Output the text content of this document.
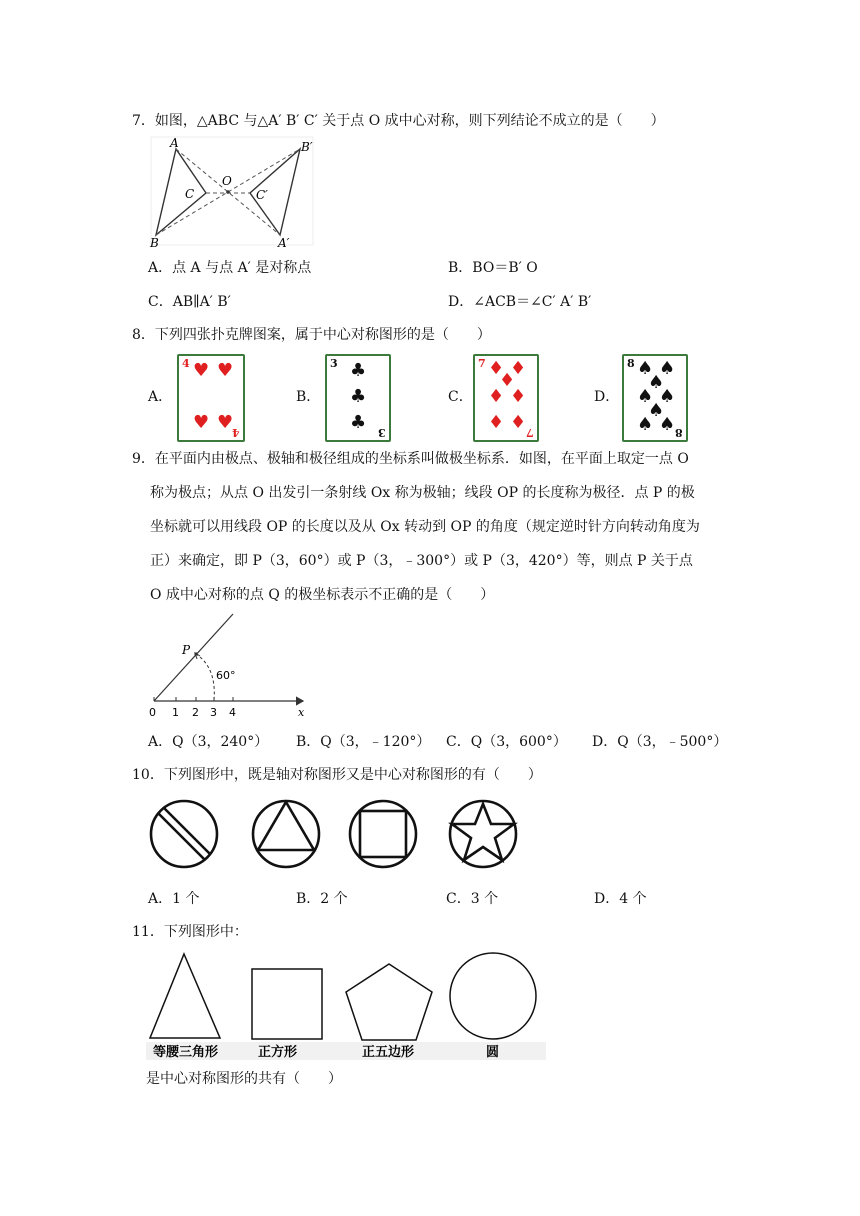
7．如图，△ABC 与△A′ B′ C′ 关于点 O 成中心对称，则下列结论不成立的是（　　）
A
B
C
O
C′
B′
A′
A．点 A 与点 A′ 是对称点	B．BO＝B′ O
C．AB∥A′ B′	D．∠ACB＝∠C′ A′ B′
8．下列四张扑克牌图案，属于中心对称图形的是（　　）
A．
4 ♥ ♥
♥ ♥ 4
B．
3 ♣
♣
♣ 3
C．
7 ♦ ♦
♦
♦ ♦
♦ ♦ 7
D．
8 ♠ ♠
♠
♠ ♠
♠
♠ ♠ 8
9．在平面内由极点、极轴和极径组成的坐标系叫做极坐标系．如图，在平面上取定一点 O
称为极点；从点 O 出发引一条射线 Ox 称为极轴；线段 OP 的长度称为极径．点 P 的极
坐标就可以用线段 OP 的长度以及从 Ox 转动到 OP 的角度（规定逆时针方向转动角度为
正）来确定，即 P（3，60°）或 P（3，﹣300°）或 P（3，420°）等，则点 P 关于点
O 成中心对称的点 Q 的极坐标表示不正确的是（　　）
P
60°
0 1 2 3 4	x
A．Q（3，240°） B．Q（3，﹣120°） C．Q（3，600°） D．Q（3，﹣500°）
10．下列图形中，既是轴对称图形又是中心对称图形的有（　　）
A．1 个	B．2 个	C．3 个	D．4 个
11．下列图形中：
等腰三角形	正方形	正五边形	圆
是中心对称图形的共有（　　）
